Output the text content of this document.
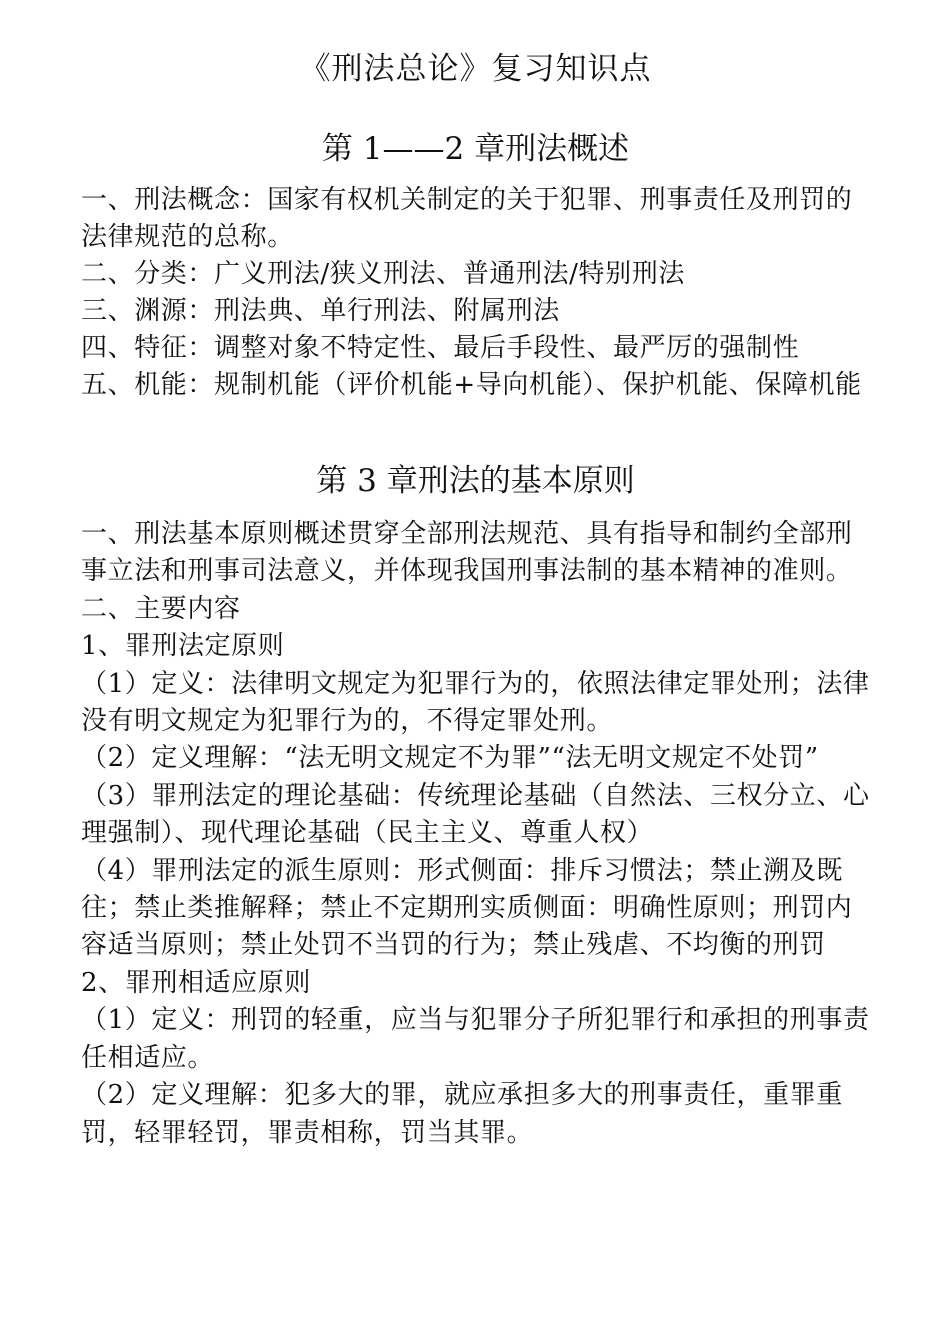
《刑法总论》复习知识点
第 1——2 章刑法概述

一、刑法概念：国家有权机关制定的关于犯罪、刑事责任及刑罚的法律规范的总称。

二、分类：广义刑法/狭义刑法、普通刑法/特别刑法

三、渊源：刑法典、单行刑法、附属刑法

四、特征：调整对象不特定性、最后手段性、最严厉的强制性

五、机能：规制机能（评价机能+导向机能）、保护机能、保障机能

第 3 章刑法的基本原则

一、刑法基本原则概述贯穿全部刑法规范、具有指导和制约全部刑事立法和刑事司法意义，并体现我国刑事法制的基本精神的准则。

二、主要内容

1、罪刑法定原则

（1）定义：法律明文规定为犯罪行为的，依照法律定罪处刑；法律没有明文规定为犯罪行为的，不得定罪处刑。

（2）定义理解：“法无明文规定不为罪”“法无明文规定不处罚”

（3）罪刑法定的理论基础：传统理论基础（自然法、三权分立、心理强制）、现代理论基础（民主主义、尊重人权）

（4）罪刑法定的派生原则：形式侧面：排斥习惯法；禁止溯及既往；禁止类推解释；禁止不定期刑实质侧面：明确性原则；刑罚内容适当原则；禁止处罚不当罚的行为；禁止残虐、不均衡的刑罚

2、罪刑相适应原则

（1）定义：刑罚的轻重，应当与犯罪分子所犯罪行和承担的刑事责任相适应。

（2）定义理解：犯多大的罪，就应承担多大的刑事责任，重罪重罚，轻罪轻罚，罪责相称，罚当其罪。
